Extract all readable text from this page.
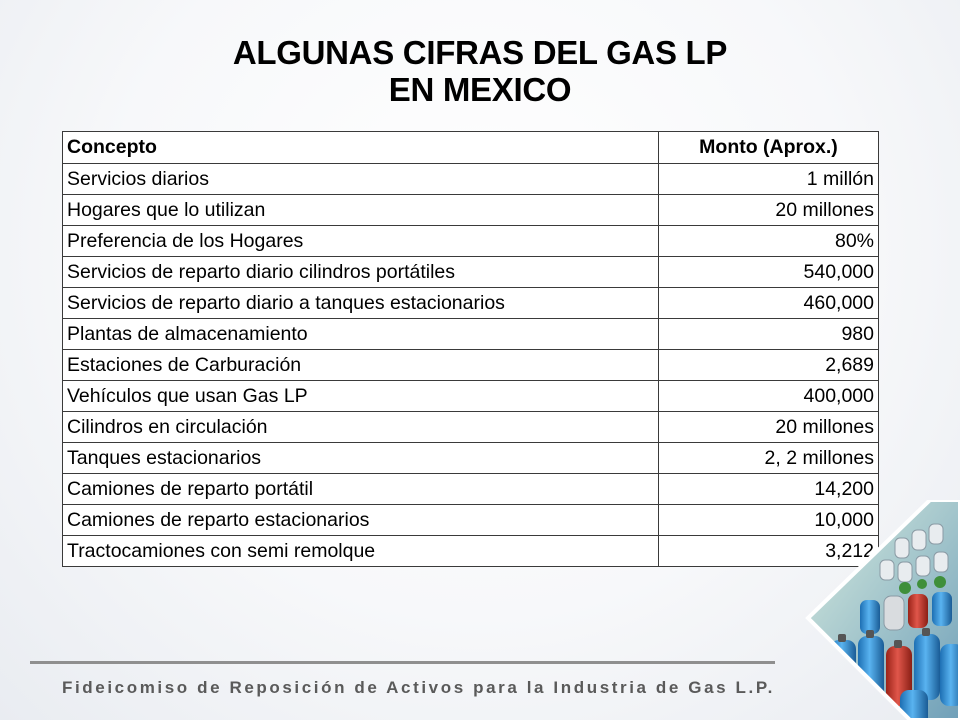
ALGUNAS CIFRAS DEL GAS LP
EN MEXICO
Concepto	Monto (Aprox.)
Servicios diarios	1 millón
Hogares que lo utilizan	20 millones
Preferencia de los Hogares	80%
Servicios de reparto diario cilindros portátiles	540,000
Servicios de reparto diario a tanques estacionarios	460,000
Plantas de almacenamiento	980
Estaciones de Carburación	2,689
Vehículos que usan Gas LP	400,000
Cilindros en circulación	20 millones
Tanques estacionarios	2, 2 millones
Camiones de reparto portátil	14,200
Camiones de reparto estacionarios	10,000
Tractocamiones con semi remolque	3,212
Fideicomiso de Reposición de Activos para la Industria de Gas L.P.
